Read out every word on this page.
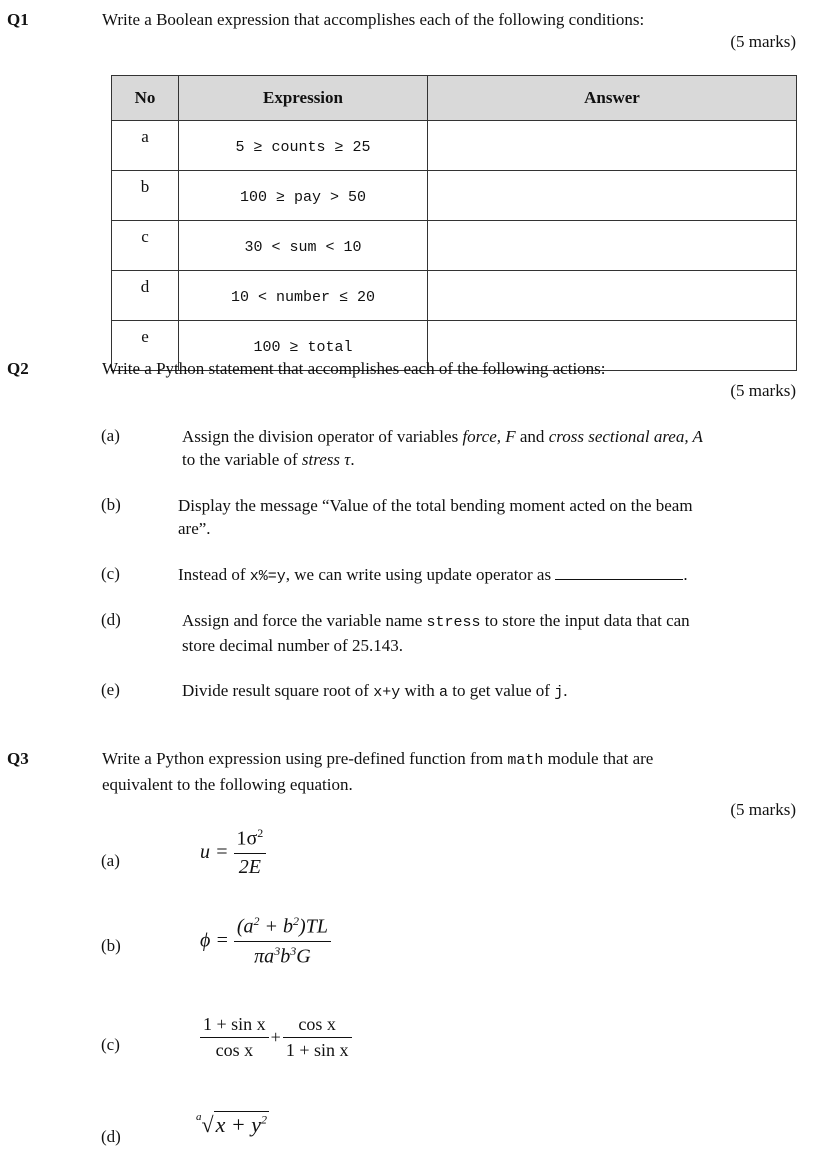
Q1	Write a Boolean expression that accomplishes each of the following conditions:
(5 marks)
No	Expression	Answer
a	5 ≥ counts ≥ 25	
b	100 ≥ pay > 50	
c	30 < sum < 10	
d	10 < number ≤ 20	
e	100 ≥ total	
Q2	Write a Python statement that accomplishes each of the following actions:
(5 marks)
(a)	Assign the division operator of variables force, F and cross sectional area, A
to the variable of stress τ.
(b)	Display the message “Value of the total bending moment acted on the beam
are”.
(c)	Instead of x%=y, we can write using update operator as	.
(d)	Assign and force the variable name stress to store the input data that can
store decimal number of 25.143.
(e)	Divide result square root of x+y with a to get value of j.
Q3	Write a Python expression using pre-defined function from math module that are
equivalent to the following equation.
(5 marks)
(a)	$u = \frac{1\sigma^2}{2E}$
(b)	$\phi = \frac{(a^2 + b^2)TL}{\pi a^3b^3G}$
(c)	$\frac{\text{1 + sin x}}{\text{cos x}} + \frac{\text{cos x}}{\text{1 + sin x}}$
(d)
$^a√x + y^2$
